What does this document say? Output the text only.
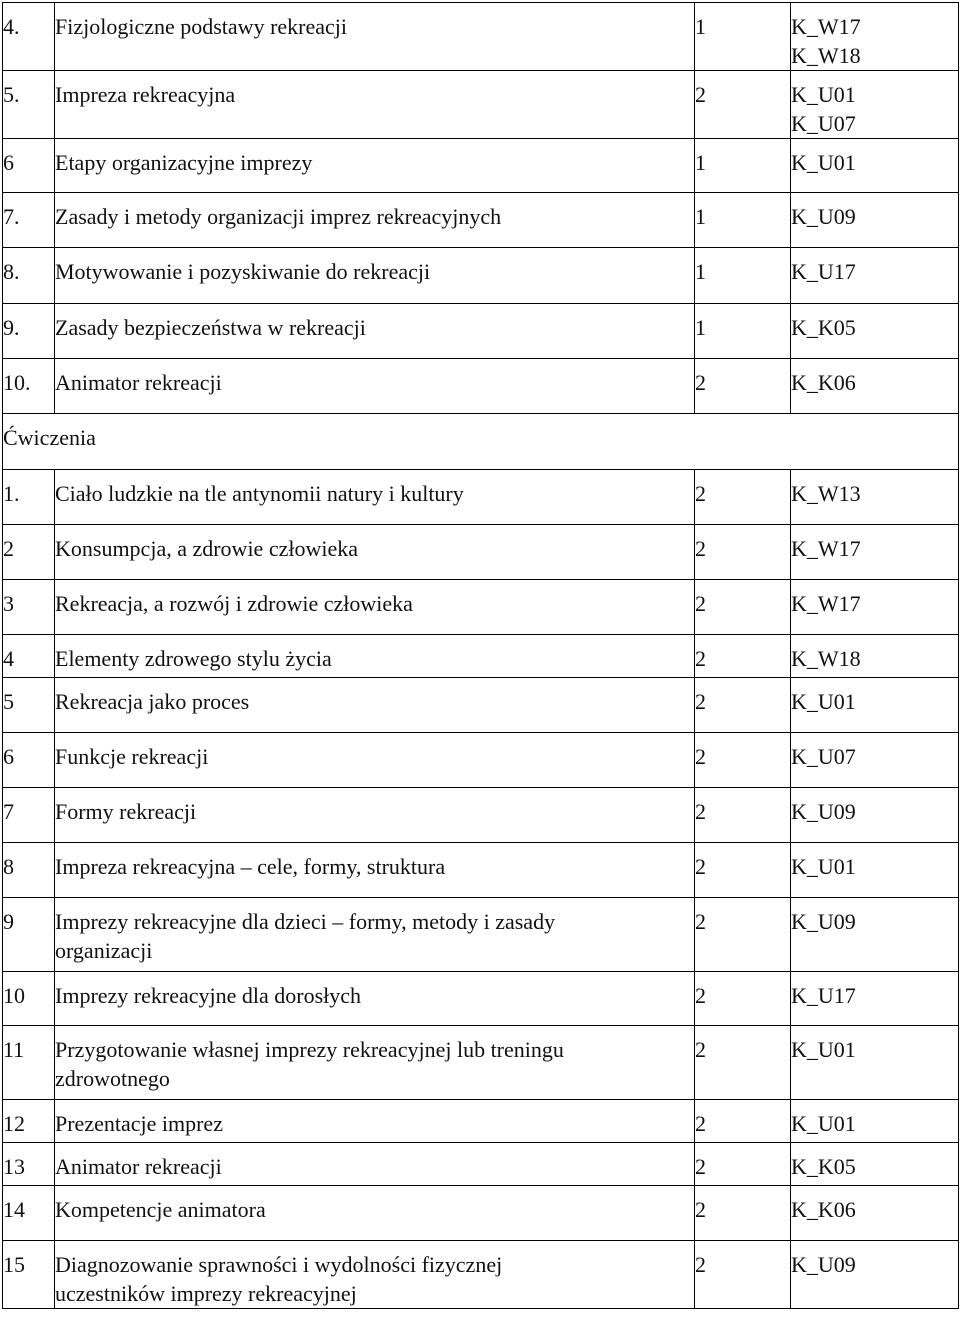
4.	Fizjologiczne podstawy rekreacji	1	K_W17
K_W18

5.	Impreza rekreacyjna	2	K_U01
K_U07

6	Etapy organizacyjne imprezy	1	K_U01

7.	Zasady i metody organizacji imprez rekreacyjnych	1	K_U09

8.	Motywowanie i pozyskiwanie do rekreacji	1	K_U17

9.	Zasady bezpieczeństwa w rekreacji	1	K_K05

10.	Animator rekreacji	2	K_K06

Ćwiczenia			

1.	Ciało ludzkie na tle antynomii natury i kultury	2	K_W13

2	Konsumpcja, a zdrowie człowieka	2	K_W17

3	Rekreacja, a rozwój i zdrowie człowieka	2	K_W17

4	Elementy zdrowego stylu życia	2	K_W18

5	Rekreacja jako proces	2	K_U01

6	Funkcje rekreacji	2	K_U07

7	Formy rekreacji	2	K_U09

8	Impreza rekreacyjna – cele, formy, struktura	2	K_U01

9	Imprezy rekreacyjne dla dzieci – formy, metody i zasady
organizacji	2	K_U09

10	Imprezy rekreacyjne dla dorosłych	2	K_U17

11	Przygotowanie własnej imprezy rekreacyjnej lub treningu
zdrowotnego	2	K_U01

12	Prezentacje imprez	2	K_U01

13	Animator rekreacji	2	K_K05

14	Kompetencje animatora	2	K_K06

15	Diagnozowanie sprawności i wydolności fizycznej
uczestników imprezy rekreacyjnej	2	K_U09
